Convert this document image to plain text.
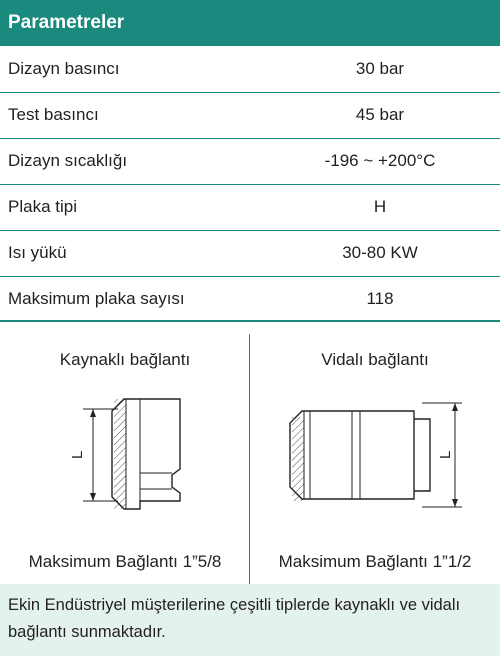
Parametreler
Dizayn basıncı	30 bar
Test basıncı	45 bar
Dizayn sıcaklığı	-196 ~ +200°C
Plaka tipi	H
Isı yükü	30-80 KW
Maksimum plaka sayısı	118
Kaynaklı bağlantı
L
Maksimum Bağlantı 1”5/8
Vidalı bağlantı
L
Maksimum Bağlantı 1”1/2
Ekin Endüstriyel müşterilerine çeşitli tiplerde kaynaklı ve vidalı bağlantı sunmaktadır.
